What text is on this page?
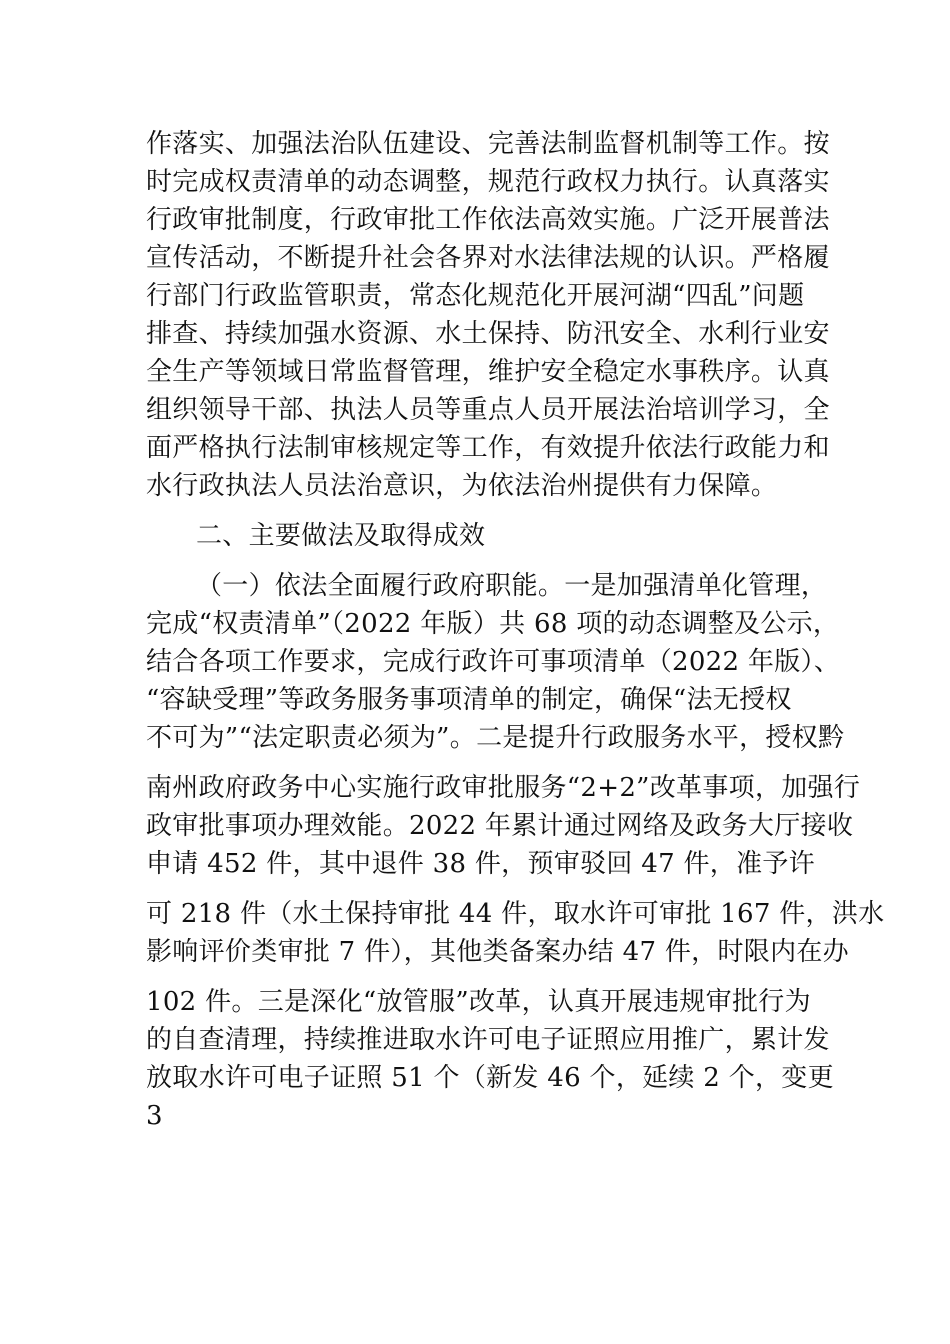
作落实、加强法治队伍建设、完善法制监督机制等工作。按
时完成权责清单的动态调整，规范行政权力执行。认真落实
行政审批制度，行政审批工作依法高效实施。广泛开展普法
宣传活动，不断提升社会各界对水法律法规的认识。严格履
行部门行政监管职责，常态化规范化开展河湖“四乱”问题
排查、持续加强水资源、水土保持、防汛安全、水利行业安
全生产等领域日常监督管理，维护安全稳定水事秩序。认真
组织领导干部、执法人员等重点人员开展法治培训学习，全
面严格执行法制审核规定等工作，有效提升依法行政能力和
水行政执法人员法治意识，为依法治州提供有力保障。
二、主要做法及取得成效
（一）依法全面履行政府职能。一是加强清单化管理，
完成“权责清单”（2022 年版）共 68 项的动态调整及公示，
结合各项工作要求，完成行政许可事项清单（2022 年版）、
“容缺受理”等政务服务事项清单的制定，确保“法无授权
不可为”“法定职责必须为”。二是提升行政服务水平，授权黔
南州政府政务中心实施行政审批服务“2+2”改革事项，加强行
政审批事项办理效能。2022 年累计通过网络及政务大厅接收
申请 452 件，其中退件 38 件，预审驳回 47 件，准予许
可 218 件（水土保持审批 44 件，取水许可审批 167 件，洪水
影响评价类审批 7 件），其他类备案办结 47 件，时限内在办
102 件。三是深化“放管服”改革，认真开展违规审批行为
的自查清理，持续推进取水许可电子证照应用推广，累计发
放取水许可电子证照 51 个（新发 46 个，延续 2 个，变更
3
